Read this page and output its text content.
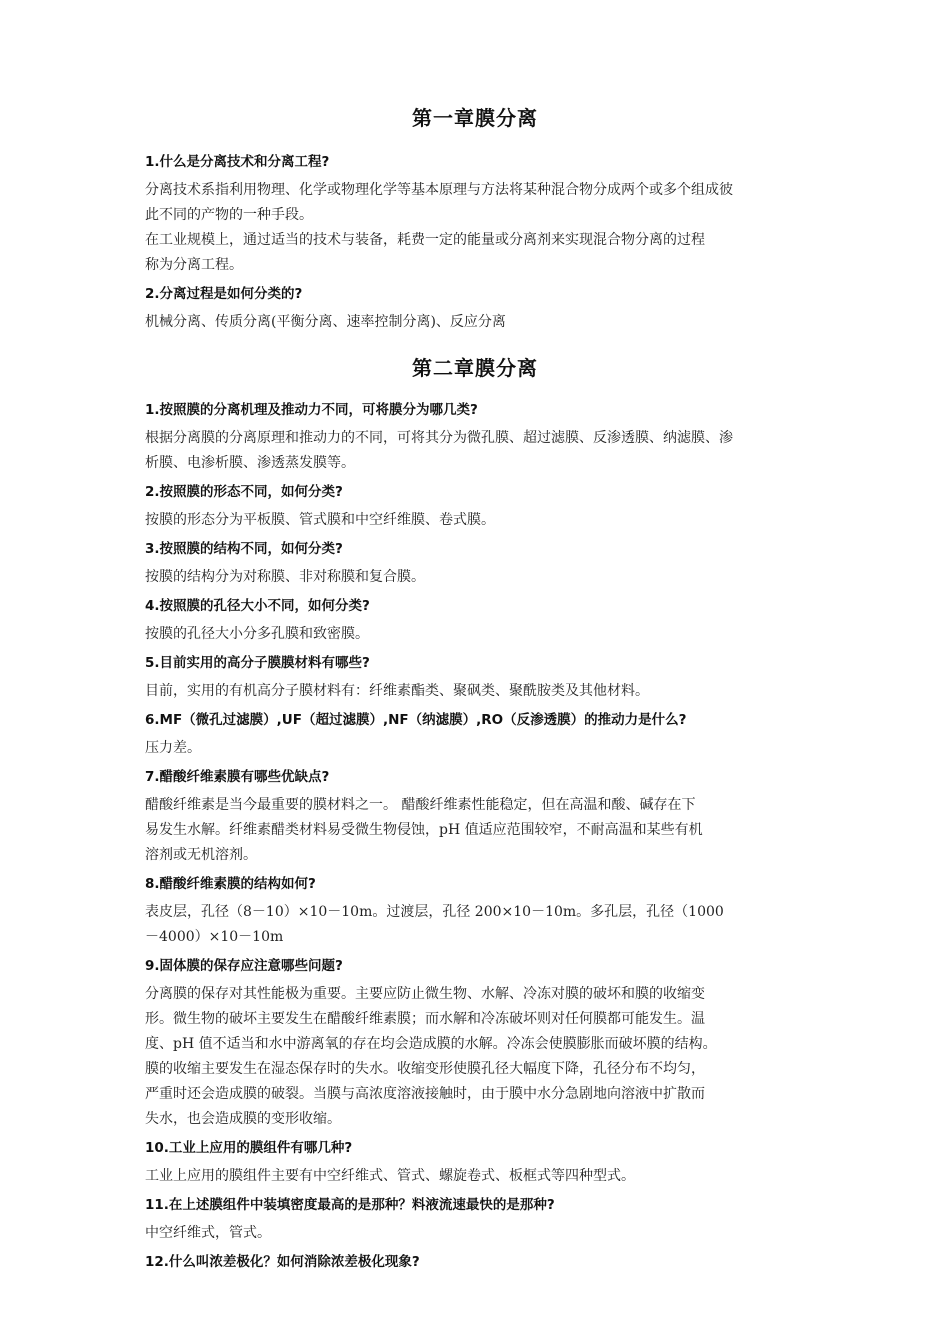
第一章膜分离

1.什么是分离技术和分离工程?

分离技术系指利用物理、化学或物理化学等基本原理与方法将某种混合物分成两个或多个组成彼

此不同的产物的一种手段。

在工业规模上，通过适当的技术与装备，耗费一定的能量或分离剂来实现混合物分离的过程

称为分离工程。

2.分离过程是如何分类的?

机械分离、传质分离(平衡分离、速率控制分离)、反应分离

第二章膜分离

1.按照膜的分离机理及推动力不同，可将膜分为哪几类?

根据分离膜的分离原理和推动力的不同，可将其分为微孔膜、超过滤膜、反渗透膜、纳滤膜、渗

析膜、电渗析膜、渗透蒸发膜等。

2.按照膜的形态不同，如何分类?

按膜的形态分为平板膜、管式膜和中空纤维膜、卷式膜。

3.按照膜的结构不同，如何分类?

按膜的结构分为对称膜、非对称膜和复合膜。

4.按照膜的孔径大小不同，如何分类?

按膜的孔径大小分多孔膜和致密膜。

5.目前实用的高分子膜膜材料有哪些?

目前，实用的有机高分子膜材料有：纤维素酯类、聚砜类、聚酰胺类及其他材料。

6.MF（微孔过滤膜）,UF（超过滤膜）,NF（纳滤膜）,RO（反渗透膜）的推动力是什么?

压力差。

7.醋酸纤维素膜有哪些优缺点?

醋酸纤维素是当今最重要的膜材料之一。 醋酸纤维素性能稳定，但在高温和酸、碱存在下

易发生水解。纤维素醋类材料易受微生物侵蚀，pH 值适应范围较窄，不耐高温和某些有机

溶剂或无机溶剂。

8.醋酸纤维素膜的结构如何?

表皮层，孔径（8－10）×10－10m。过渡层，孔径 200×10－10m。多孔层，孔径（1000

－4000）×10－10m

9.固体膜的保存应注意哪些问题?

分离膜的保存对其性能极为重要。主要应防止微生物、水解、冷冻对膜的破坏和膜的收缩变

形。微生物的破坏主要发生在醋酸纤维素膜；而水解和冷冻破坏则对任何膜都可能发生。温

度、pH 值不适当和水中游离氧的存在均会造成膜的水解。冷冻会使膜膨胀而破坏膜的结构。

膜的收缩主要发生在湿态保存时的失水。收缩变形使膜孔径大幅度下降，孔径分布不均匀，

严重时还会造成膜的破裂。当膜与高浓度溶液接触时，由于膜中水分急剧地向溶液中扩散而

失水，也会造成膜的变形收缩。

10.工业上应用的膜组件有哪几种?

工业上应用的膜组件主要有中空纤维式、管式、螺旋卷式、板框式等四种型式。

11.在上述膜组件中装填密度最高的是那种？料液流速最快的是那种?

中空纤维式，管式。

12.什么叫浓差极化？如何消除浓差极化现象?
